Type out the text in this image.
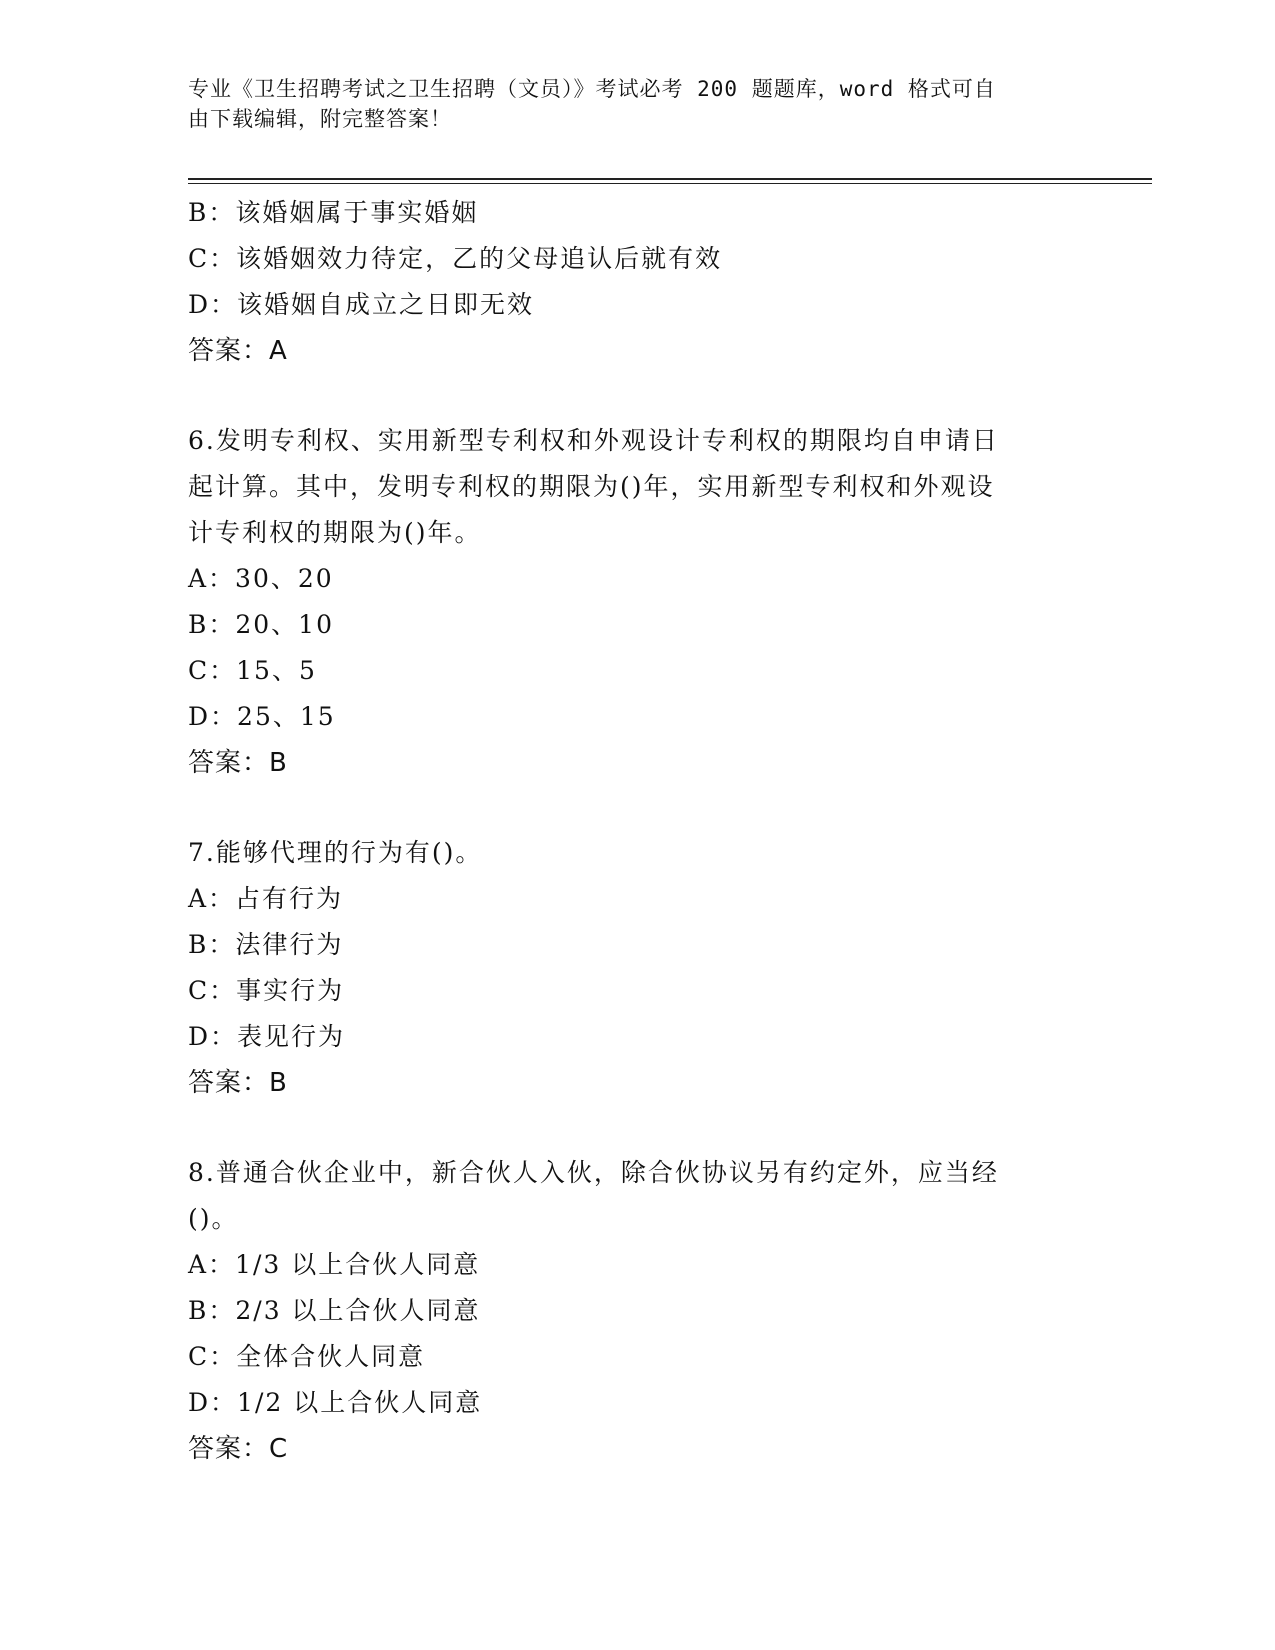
专业《卫生招聘考试之卫生招聘（文员）》考试必考 200 题题库，word 格式可自
由下载编辑，附完整答案！
B：该婚姻属于事实婚姻
C：该婚姻效力待定，乙的父母追认后就有效
D：该婚姻自成立之日即无效
答案：A
6.发明专利权、实用新型专利权和外观设计专利权的期限均自申请日
起计算。其中，发明专利权的期限为()年，实用新型专利权和外观设
计专利权的期限为()年。
A：30、20
B：20、10
C：15、5
D：25、15
答案：B
7.能够代理的行为有()。
A：占有行为
B：法律行为
C：事实行为
D：表见行为
答案：B
8.普通合伙企业中，新合伙人入伙，除合伙协议另有约定外，应当经
()。
A：1/3 以上合伙人同意
B：2/3 以上合伙人同意
C：全体合伙人同意
D：1/2 以上合伙人同意
答案：C
